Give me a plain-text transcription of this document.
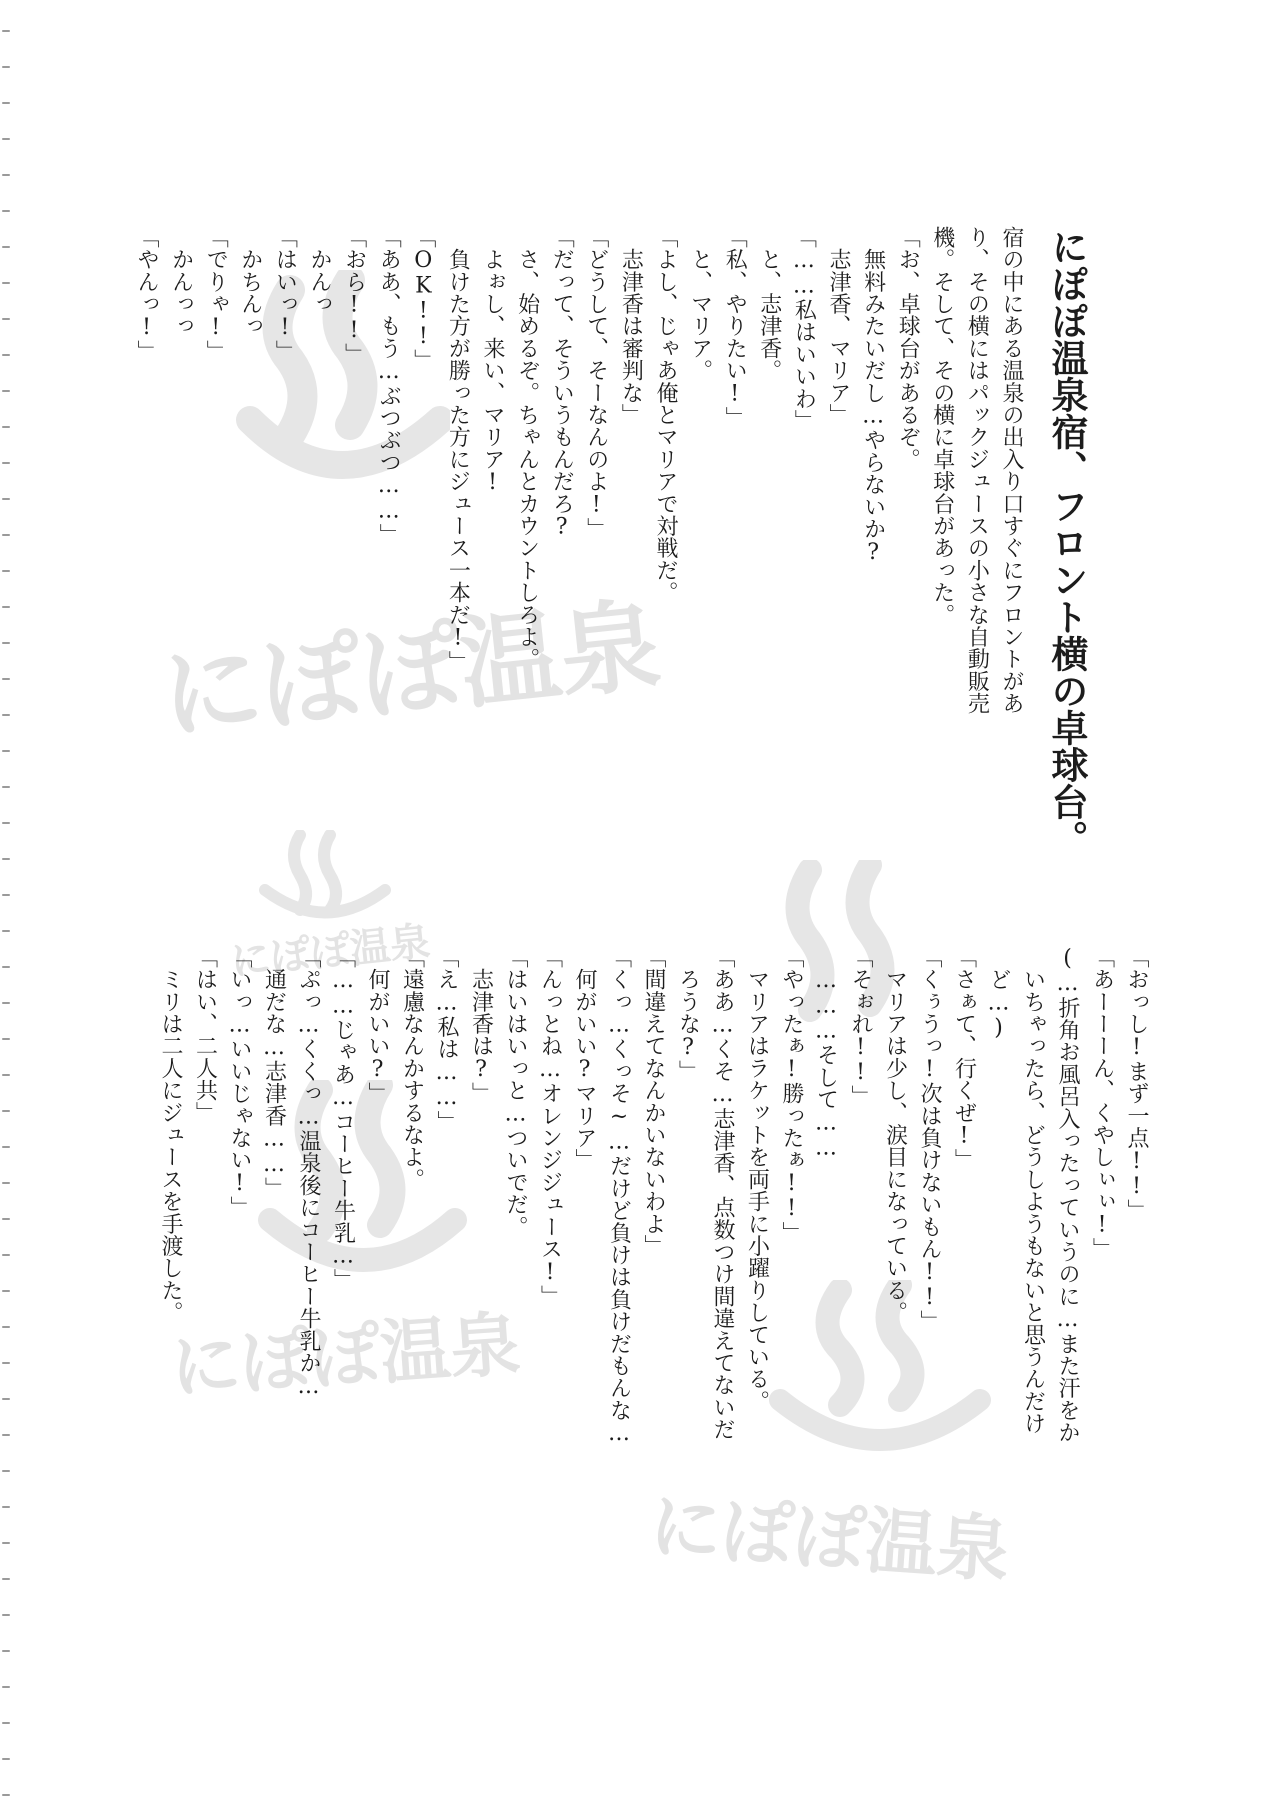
にぽぽ温泉
にぽぽ温泉
にぽぽ温泉
にぽぽ温泉
にぽぽ温泉宿、フロント横の卓球台。
宿の中にある温泉の出入り口すぐにフロントがあ
り、その横にはパックジュースの小さな自動販売
機。そして、その横に卓球台があった。
「お、卓球台があるぞ。
　無料みたいだし…やらないか?
　志津香、マリア」
「……私はいいわ」
　と、志津香。
「私、やりたい!」
　と、マリア。
「よし、じゃあ俺とマリアで対戦だ。
　志津香は審判な」
「どうして、そーなんのよ!」
「だって、そういうもんだろ?
　さ、始めるぞ。ちゃんとカウントしろよ。
　よぉし、来い、マリア!
　負けた方が勝った方にジュース一本だ!」
「OK!!」
「ああ、もう…ぶつぶつ……」
「おら!!」
　かんっ
「はいっ!」
　かちんっ
「でりゃ!」
　かんっっ
「やんっ!」
「おっし!まず一点!!」
「あーーーん、くやしぃぃ!」
(…折角お風呂入ったっていうのに…また汗をか
　いちゃったら、どうしようもないと思うんだけ
　ど…)
「さぁて、行くぜ!」
「くぅうっ!次は負けないもん!!」
　マリアは少し、涙目になっている。
「そぉれ!!」
　………そして……
「やったぁ!勝ったぁ!!」
　マリアはラケットを両手に小躍りしている。
「ああ…くそ…志津香、点数つけ間違えてないだ
　ろうな?」
「間違えてなんかいないわよ」
「くっ…くっそ~…だけど負けは負けだもんな…
　何がいい?マリア」
「んっとね…オレンジジュース!」
「はいはいっと…ついでだ。
　志津香は?」
「え…私は……」
「遠慮なんかするなよ。
　何がいい?」
「……じゃあ…コーヒー牛乳…」
「ぷっ…くくっ…温泉後にコーヒー牛乳か…
　通だな…志津香……」
「いっ…いいじゃない!」
「はい、二人共」
　ミリは二人にジュースを手渡した。
